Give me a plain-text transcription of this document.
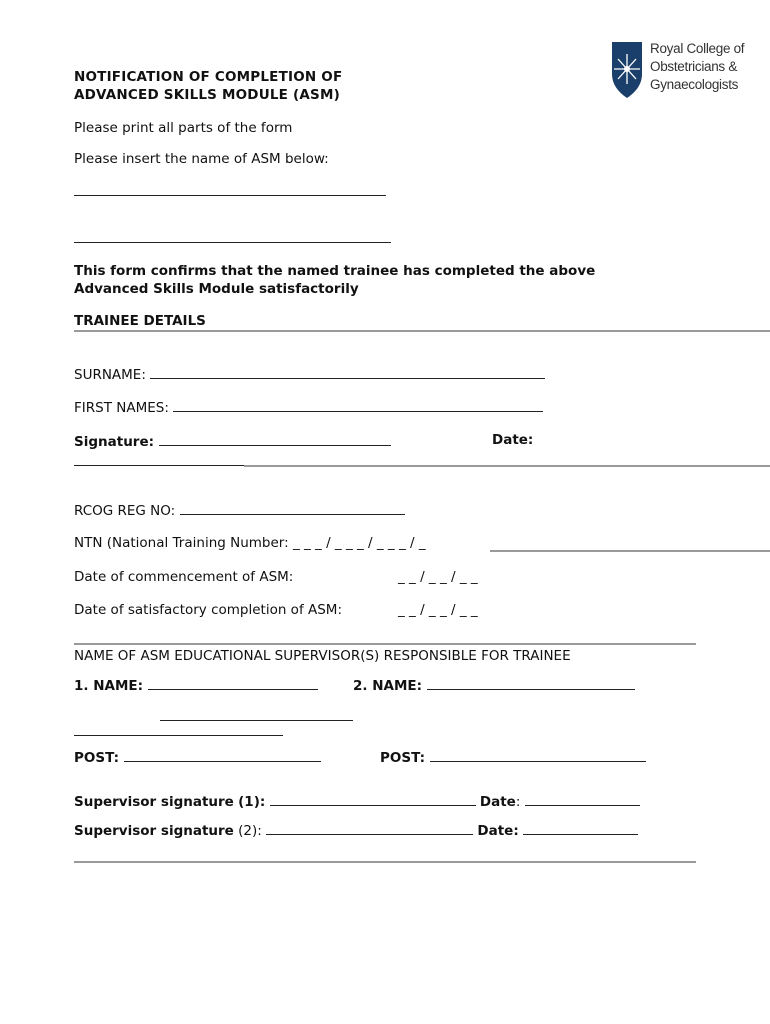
Royal College of
Obstetricians &
Gynaecologists
NOTIFICATION OF COMPLETION OF
ADVANCED SKILLS MODULE (ASM)
Please print all parts of the form
Please insert the name of ASM below:
This form confirms that the named trainee has completed the above
Advanced Skills Module satisfactorily
TRAINEE DETAILS
SURNAME:
FIRST NAMES:
Signature:	Date:
RCOG REG NO:
NTN (National Training Number: _ _ _ / _ _ _ / _ _ _ / _
Date of commencement of ASM:	_ _ / _ _ / _ _
Date of satisfactory completion of ASM:	_ _ / _ _ / _ _
NAME OF ASM EDUCATIONAL SUPERVISOR(S) RESPONSIBLE FOR TRAINEE
1. NAME:	2. NAME:
POST:	POST:
Supervisor signature (1):	Date:
Supervisor signature (2):	Date:
